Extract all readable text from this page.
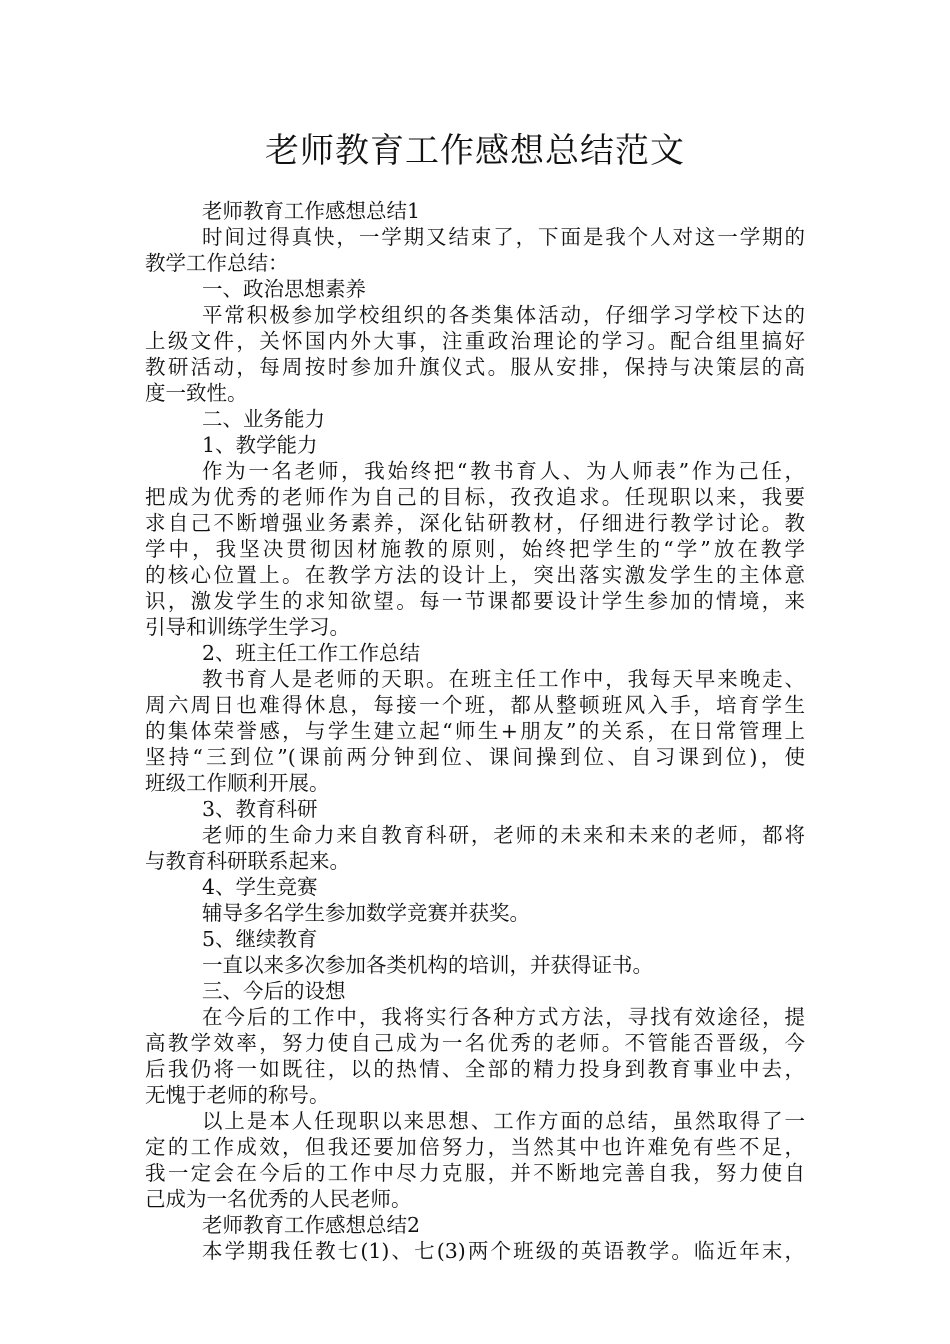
老师教育工作感想总结范文
老师教育工作感想总结1
时间过得真快，一学期又结束了，下面是我个人对这一学期的
教学工作总结：
一、政治思想素养
平常积极参加学校组织的各类集体活动，仔细学习学校下达的
上级文件，关怀国内外大事，注重政治理论的学习。配合组里搞好
教研活动，每周按时参加升旗仪式。服从安排，保持与决策层的高
度一致性。
二、业务能力
1、教学能力
作为一名老师，我始终把“教书育人、为人师表”作为己任，
把成为优秀的老师作为自己的目标，孜孜追求。任现职以来，我要
求自己不断增强业务素养，深化钻研教材，仔细进行教学讨论。教
学中，我坚决贯彻因材施教的原则，始终把学生的“学”放在教学
的核心位置上。在教学方法的设计上，突出落实激发学生的主体意
识，激发学生的求知欲望。每一节课都要设计学生参加的情境，来
引导和训练学生学习。
2、班主任工作工作总结
教书育人是老师的天职。在班主任工作中，我每天早来晚走、
周六周日也难得休息，每接一个班，都从整顿班风入手，培育学生
的集体荣誉感，与学生建立起“师生+朋友”的关系，在日常管理上
坚持“三到位”(课前两分钟到位、课间操到位、自习课到位)，使
班级工作顺利开展。
3、教育科研
老师的生命力来自教育科研，老师的未来和未来的老师，都将
与教育科研联系起来。
4、学生竞赛
辅导多名学生参加数学竞赛并获奖。
5、继续教育
一直以来多次参加各类机构的培训，并获得证书。
三、今后的设想
在今后的工作中，我将实行各种方式方法，寻找有效途径，提
高教学效率，努力使自己成为一名优秀的老师。不管能否晋级，今
后我仍将一如既往，以的热情、全部的精力投身到教育事业中去，
无愧于老师的称号。
以上是本人任现职以来思想、工作方面的总结，虽然取得了一
定的工作成效，但我还要加倍努力，当然其中也许难免有些不足，
我一定会在今后的工作中尽力克服，并不断地完善自我，努力使自
己成为一名优秀的人民老师。
老师教育工作感想总结2
本学期我任教七(1)、七(3)两个班级的英语教学。临近年末，
